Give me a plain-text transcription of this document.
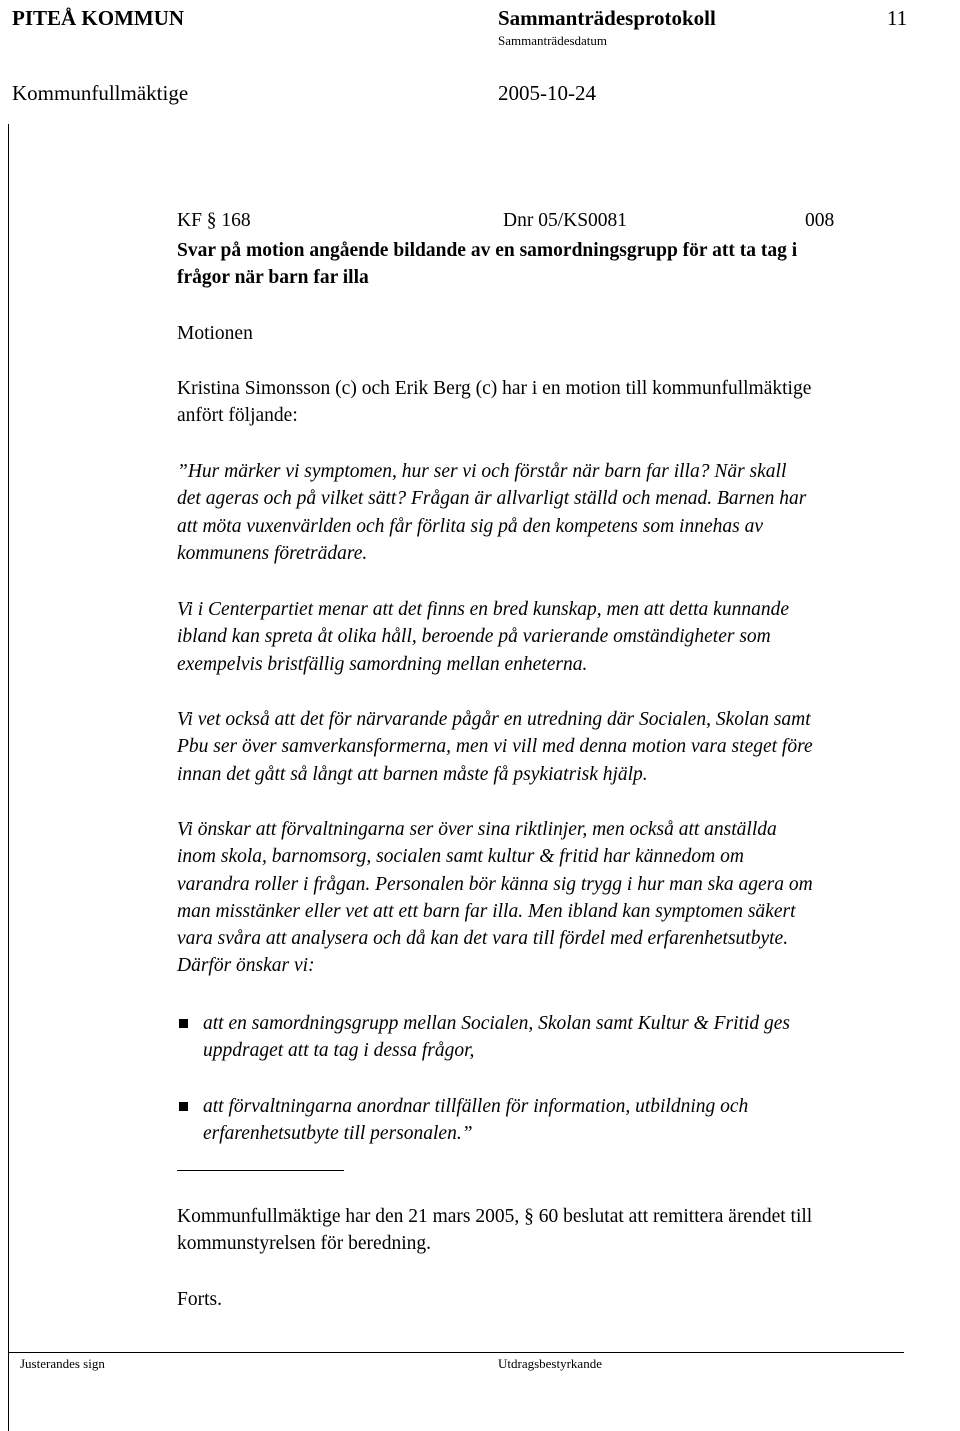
PITEÅ KOMMUN	Sammanträdesprotokoll	11
Sammanträdesdatum
Kommunfullmäktige	2005-10-24
KF § 168	Dnr 05/KS0081	008
Svar på motion angående bildande av en samordningsgrupp för att ta tag i
frågor när barn far illa
Motionen
Kristina Simonsson (c) och Erik Berg (c) har i en motion till kommunfullmäktige
anfört följande:
”Hur märker vi symptomen, hur ser vi och förstår när barn far illa? När skall
det ageras och på vilket sätt? Frågan är allvarligt ställd och menad. Barnen har
att möta vuxenvärlden och får förlita sig på den kompetens som innehas av
kommunens företrädare.
Vi i Centerpartiet menar att det finns en bred kunskap, men att detta kunnande
ibland kan spreta åt olika håll, beroende på varierande omständigheter som
exempelvis bristfällig samordning mellan enheterna.
Vi vet också att det för närvarande pågår en utredning där Socialen, Skolan samt
Pbu ser över samverkansformerna, men vi vill med denna motion vara steget före
innan det gått så långt att barnen måste få psykiatrisk hjälp.
Vi önskar att förvaltningarna ser över sina riktlinjer, men också att anställda
inom skola, barnomsorg, socialen samt kultur & fritid har kännedom om
varandra roller i frågan. Personalen bör känna sig trygg i hur man ska agera om
man misstänker eller vet att ett barn far illa. Men ibland kan symptomen säkert
vara svåra att analysera och då kan det vara till fördel med erfarenhetsutbyte.
Därför önskar vi:
att en samordningsgrupp mellan Socialen, Skolan samt Kultur & Fritid ges
uppdraget att ta tag i dessa frågor,
att förvaltningarna anordnar tillfällen för information, utbildning och
erfarenhetsutbyte till personalen.”
Kommunfullmäktige har den 21 mars 2005, § 60 beslutat att remittera ärendet till
kommunstyrelsen för beredning.
Forts.
Justerandes sign	Utdragsbestyrkande
